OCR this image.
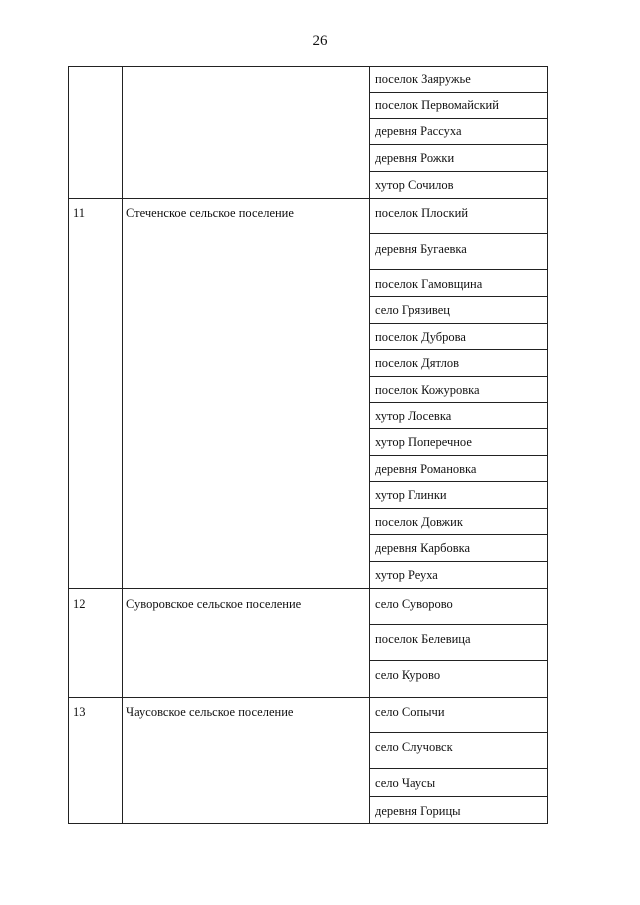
26
поселок Заяружье
поселок Первомайский
деревня Рассуха
деревня Рожки
хутор Сочилов
11	Стеченское сельское поселение	поселок Плоский
деревня Бугаевка
поселок Гамовщина
село Грязивец
поселок Дуброва
поселок Дятлов
поселок Кожуровка
хутор Лосевка
хутор Поперечное
деревня Романовка
хутор Глинки
поселок Довжик
деревня Карбовка
хутор Реуха
12	Суворовское сельское поселение	село Суворово
поселок Белевица
село Курово
13	Чаусовское сельское поселение	село Сопычи
село Случовск
село Чаусы
деревня Горицы
